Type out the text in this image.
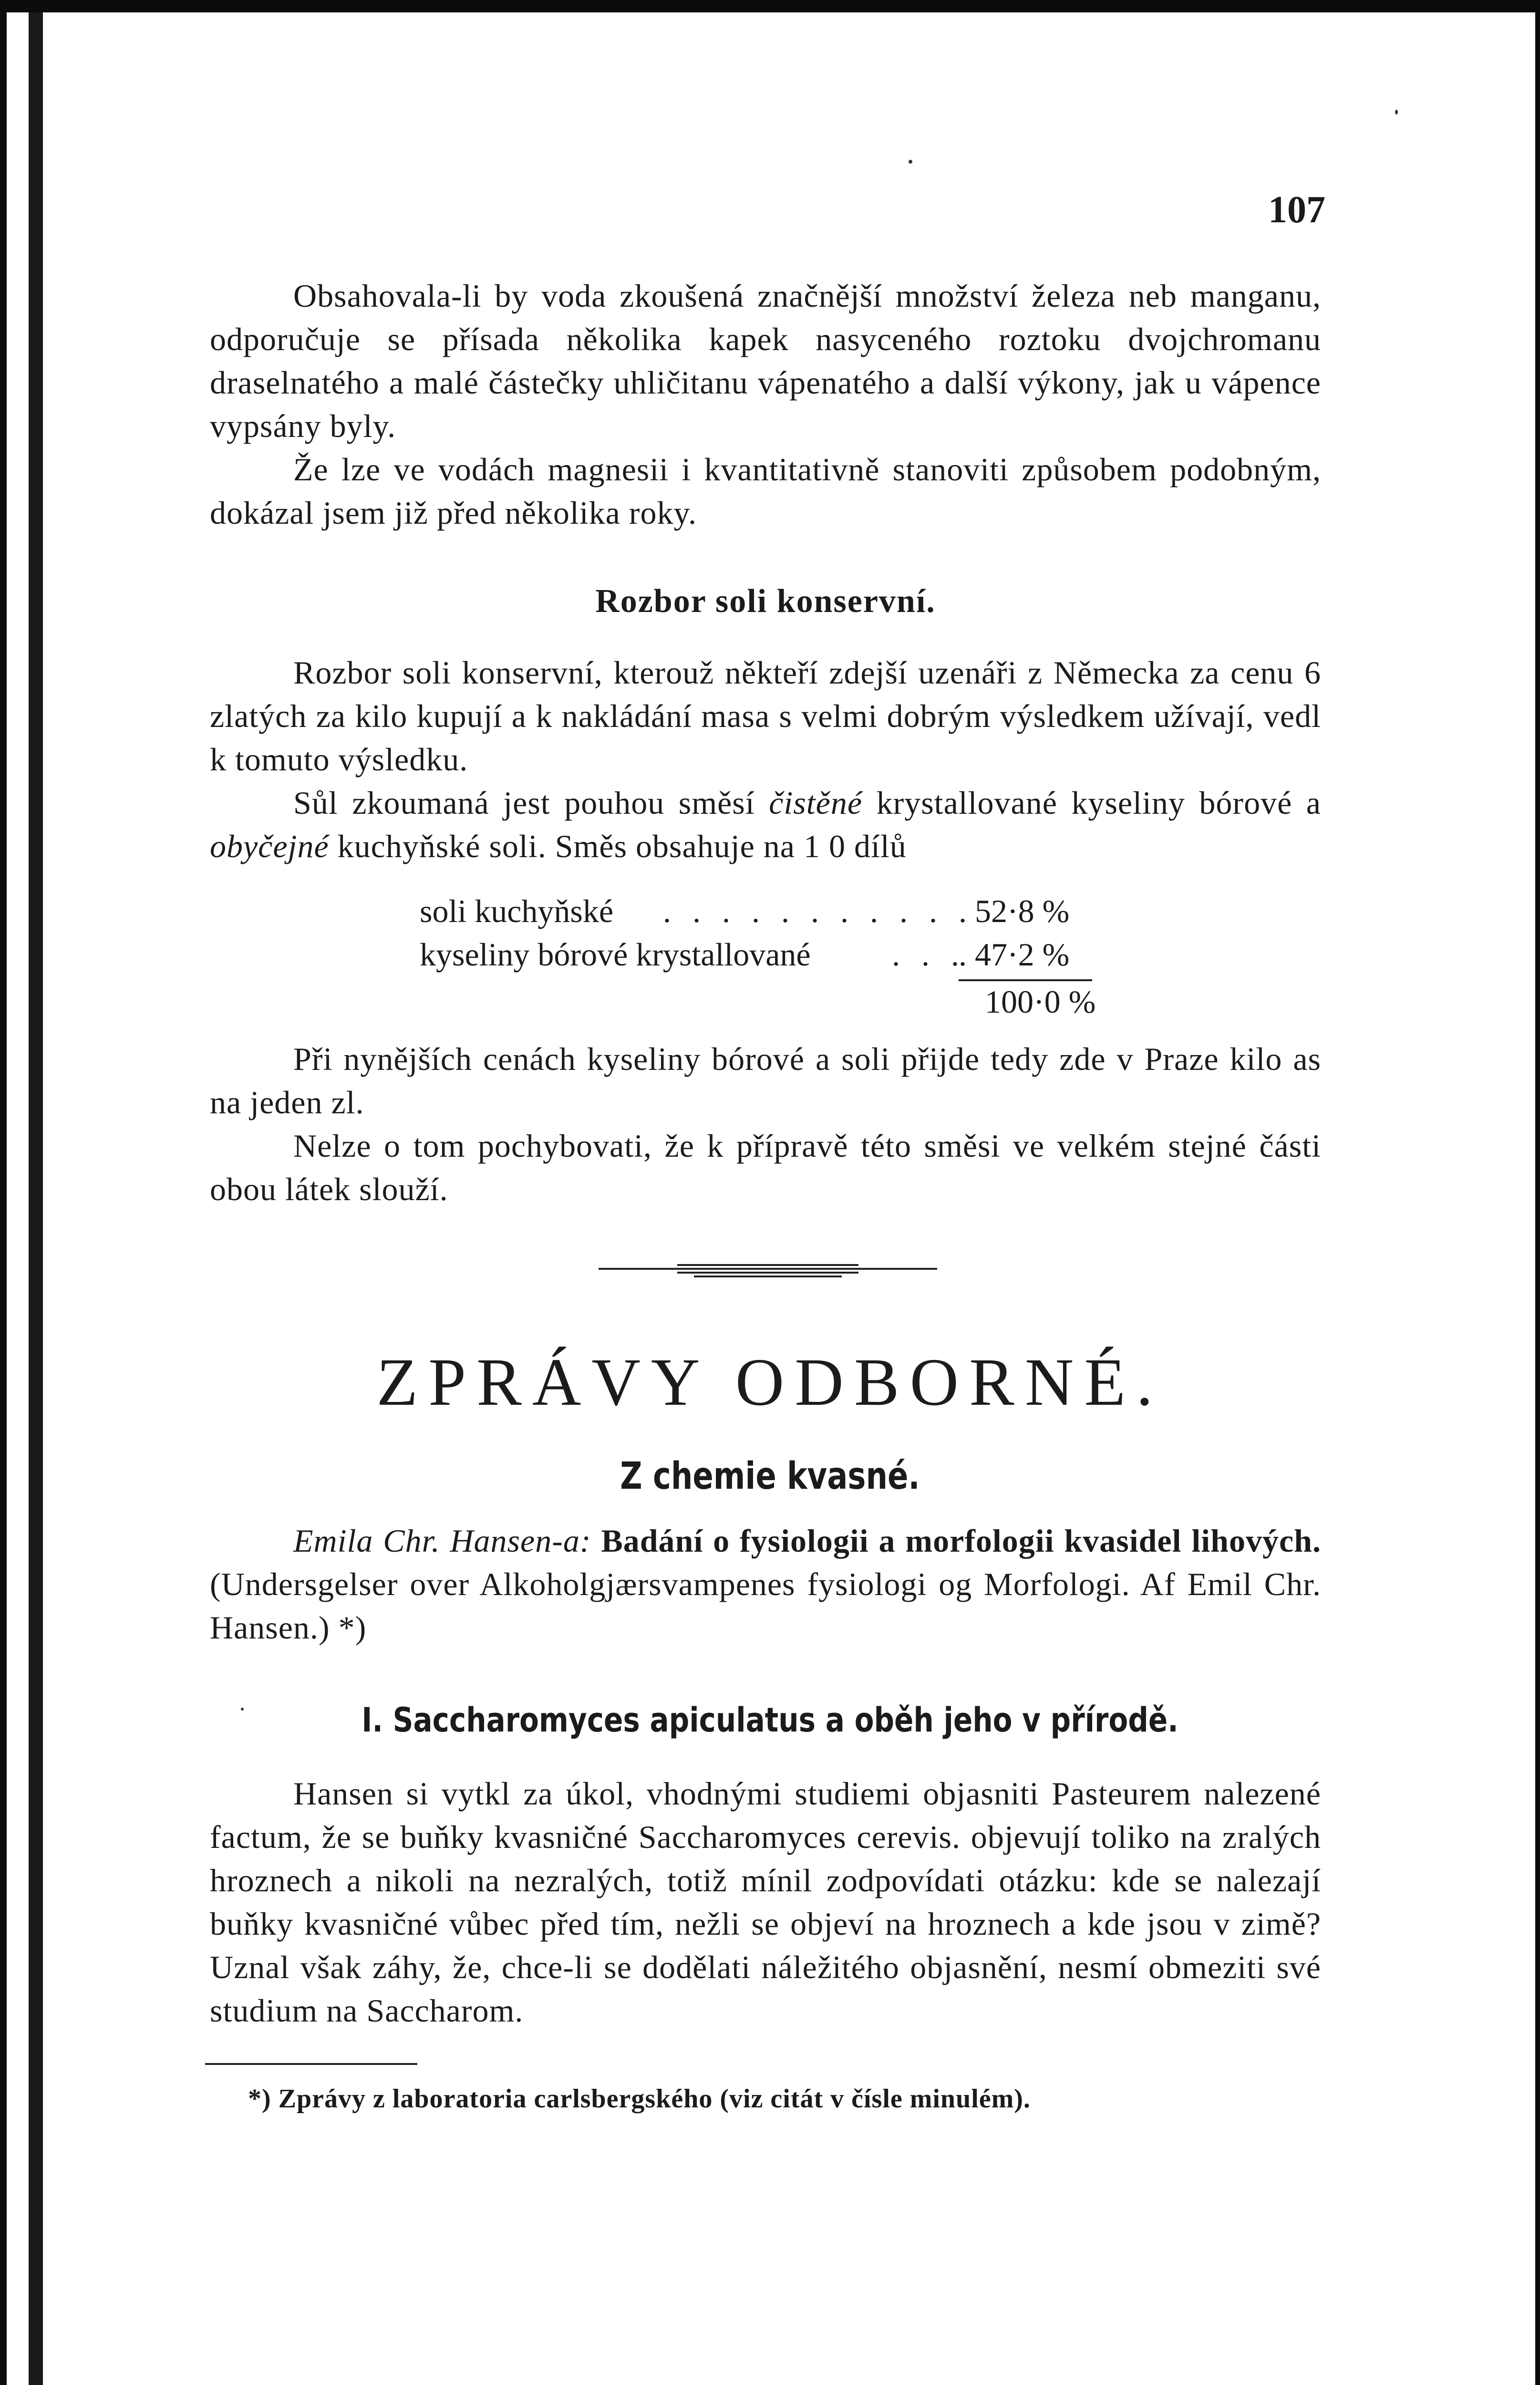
107

Obsahovala-li by voda zkoušená značnější množství železa neb manganu, odporučuje se přísada několika kapek nasyceného roztoku dvojchromanu draselnatého a malé částečky uhličitanu vápenatého a další výkony, jak u vápence vypsány byly.

Že lze ve vodách magnesii i kvantitativně stanoviti způsobem podobným, dokázal jsem již před několika roky.

Rozbor soli konservní.

Rozbor soli konservní, kterouž někteří zdejší uzenáři z Německa za cenu 6 zlatých za kilo kupují a k nakládání masa s velmi dobrým výsledkem užívají, vedl k tomuto výsledku.

Sůl zkoumaná jest pouhou směsí čistěné krystallované kyseliny bórové a obyčejné kuchyňské soli. Směs obsahuje na 1 0 dílů

soli kuchyňské . . . . . . . . . . . 52·8 %
kyseliny bórové krystallované	. . .
. 47·2 %
100·0 %

Při nynějších cenách kyseliny bórové a soli přijde tedy zde v Praze kilo as na jeden zl.

Nelze o tom pochybovati, že k přípravě této směsi ve velkém stejné části obou látek slouží.

ZPRÁVY ODBORNÉ.

Z chemie kvasné.

Emila Chr. Hansen-a: Badání o fysiologii a morfologii kvasidel lihových. (Undersgelser over Alkoholgjærsvampenes fysiologi og Morfologi. Af Emil Chr. Hansen.) *)

I. Saccharomyces apiculatus a oběh jeho v přírodě.

Hansen si vytkl za úkol, vhodnými studiemi objasniti Pasteurem nalezené factum, že se buňky kvasničné Saccharomyces cerevis. objevují toliko na zralých hroznech a nikoli na nezralých, totiž mínil zodpovídati otázku: kde se nalezají buňky kvasničné vůbec před tím, nežli se objeví na hroznech a kde jsou v zimě? Uznal však záhy, že, chce-li se dodělati náležitého objasnění, nesmí obmeziti své studium na Saccharom.

*) Zprávy z laboratoria carlsbergského (viz citát v čísle minulém).
